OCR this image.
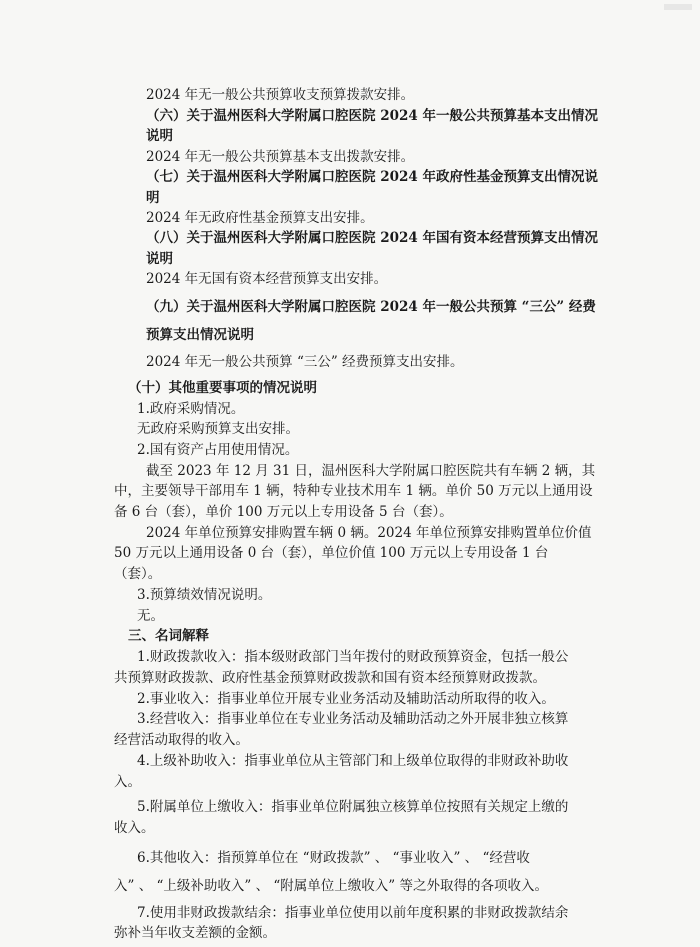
2024 年无一般公共预算收支预算拨款安排。
（六）关于温州医科大学附属口腔医院 2024 年一般公共预算基本支出情况
说明
2024 年无一般公共预算基本支出拨款安排。
（七）关于温州医科大学附属口腔医院 2024 年政府性基金预算支出情况说
明
2024 年无政府性基金预算支出安排。
（八）关于温州医科大学附属口腔医院 2024 年国有资本经营预算支出情况
说明
2024 年无国有资本经营预算支出安排。
（九）关于温州医科大学附属口腔医院 2024 年一般公共预算 “三公” 经费
预算支出情况说明
2024 年无一般公共预算 “三公” 经费预算支出安排。
（十）其他重要事项的情况说明
1.政府采购情况。
无政府采购预算支出安排。
2.国有资产占用使用情况。
截至 2023 年 12 月 31 日，温州医科大学附属口腔医院共有车辆 2 辆，其
中，主要领导干部用车 1 辆，特种专业技术用车 1 辆。单价 50 万元以上通用设
备 6 台（套），单价 100 万元以上专用设备 5 台（套）。
2024 年单位预算安排购置车辆 0 辆。2024 年单位预算安排购置单位价值
50 万元以上通用设备 0 台（套），单位价值 100 万元以上专用设备 1 台
（套）。
3.预算绩效情况说明。
无。
三、名词解释
1.财政拨款收入：指本级财政部门当年拨付的财政预算资金，包括一般公
共预算财政拨款、政府性基金预算财政拨款和国有资本经预算财政拨款。
2.事业收入：指事业单位开展专业业务活动及辅助活动所取得的收入。
3.经营收入：指事业单位在专业业务活动及辅助活动之外开展非独立核算
经营活动取得的收入。
4.上级补助收入：指事业单位从主管部门和上级单位取得的非财政补助收
入。
5.附属单位上缴收入：指事业单位附属独立核算单位按照有关规定上缴的
收入。
6.其他收入：指预算单位在 “财政拨款” 、 “事业收入” 、 “经营收
入” 、 “上级补助收入” 、 “附属单位上缴收入” 等之外取得的各项收入。
7.使用非财政拨款结余：指事业单位使用以前年度积累的非财政拨款结余
弥补当年收支差额的金额。
